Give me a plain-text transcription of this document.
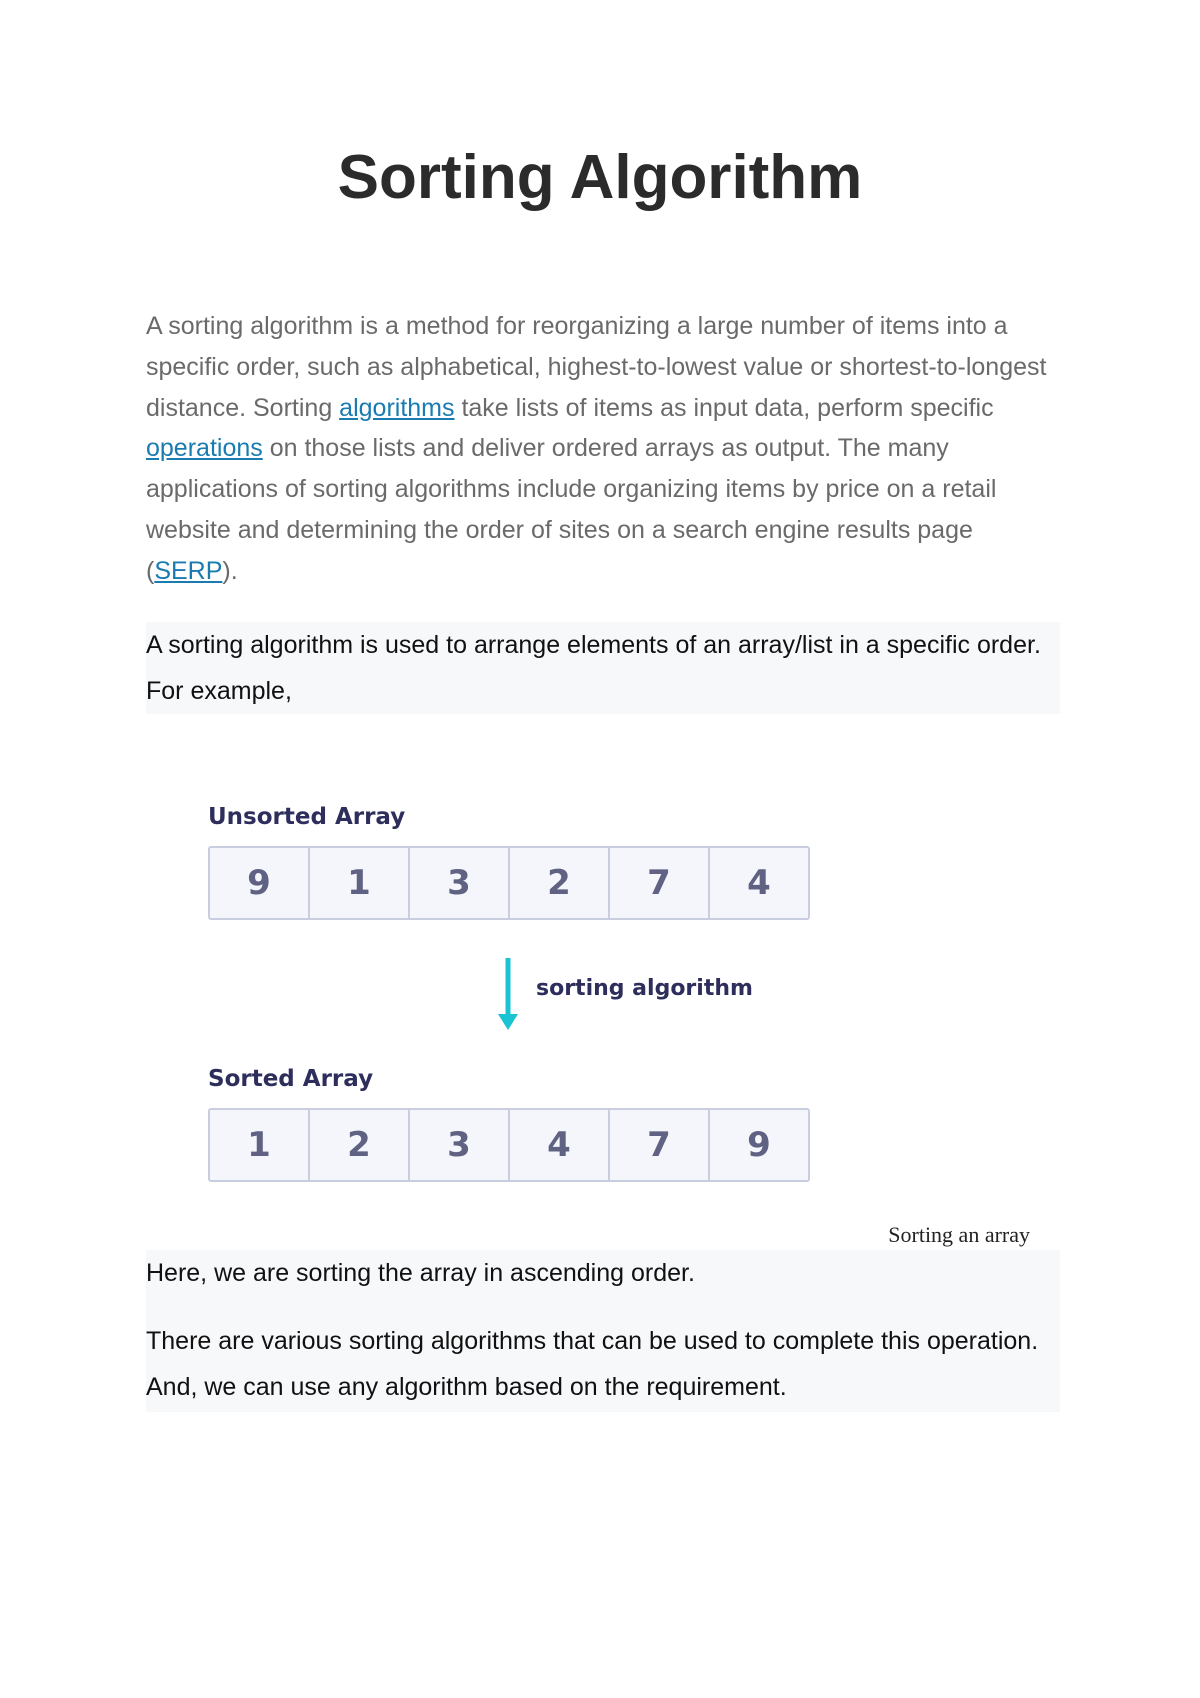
Sorting Algorithm

A sorting algorithm is a method for reorganizing a large number of items into a specific order, such as alphabetical, highest-to-lowest value or shortest-to-longest distance. Sorting algorithms take lists of items as input data, perform specific operations on those lists and deliver ordered arrays as output. The many applications of sorting algorithms include organizing items by price on a retail website and determining the order of sites on a search engine results page (SERP).

A sorting algorithm is used to arrange elements of an array/list in a specific order. For example,

Unsorted Array
9	1	3	2	7	4
sorting algorithm
Sorted Array
1	2	3	4	7	9
Sorting an array

Here, we are sorting the array in ascending order.

There are various sorting algorithms that can be used to complete this operation. And, we can use any algorithm based on the requirement.
